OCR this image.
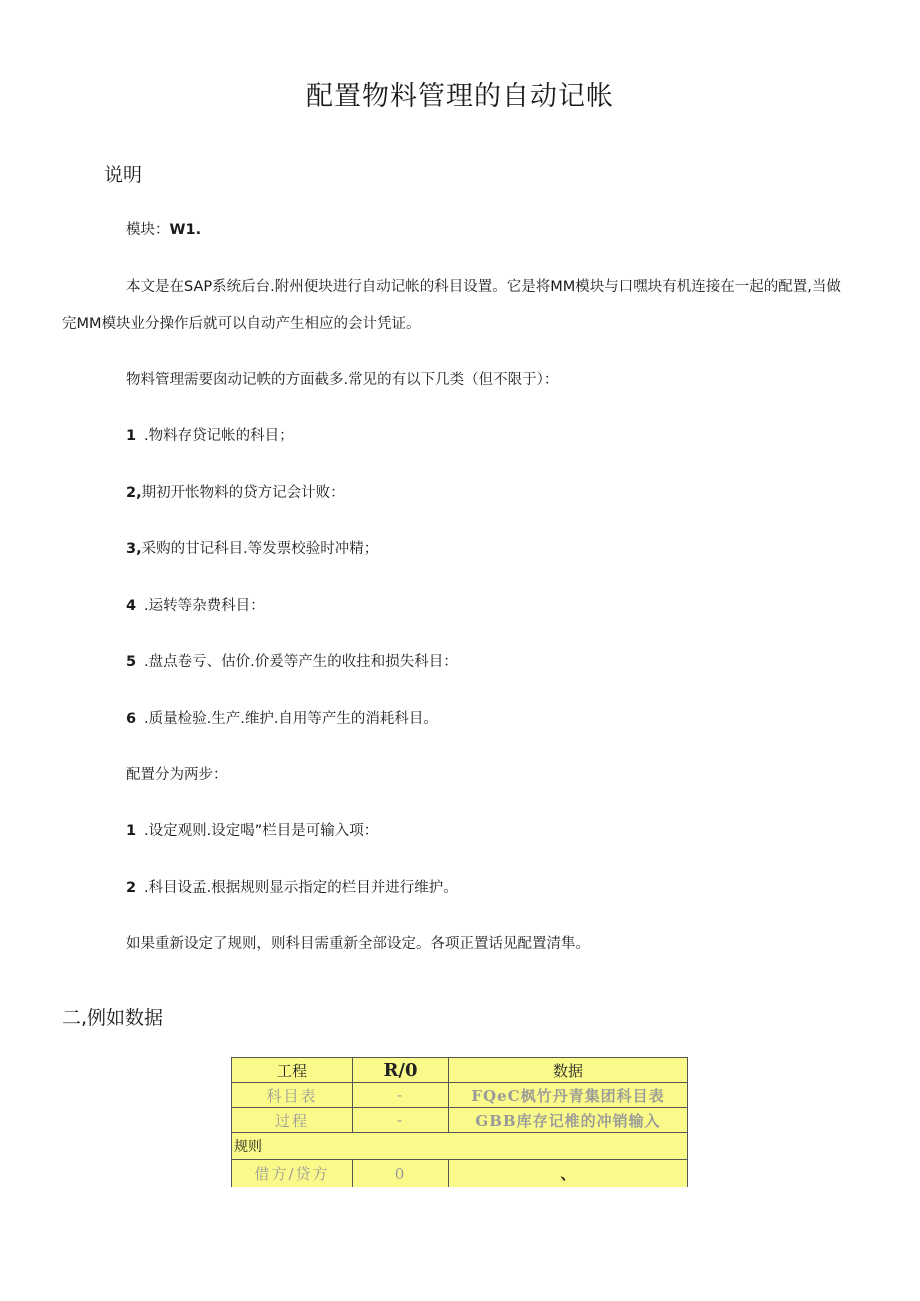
配置物料管理的自动记帐
说明
模块：W1.
本文是在SAP系统后台.附州便块进行自动记帐的科目设置。它是将MM模块与口嘿块有机连接在一起的配置,当做
完MM模块业分操作后就可以自动产生相应的会计凭证。
物料管理需要囱动记帙的方面截多.常见的有以下几类（但不限于）：
1 .物料存贷记帐的科目；
2,期初开怅物料的贷方记会计败：
3,采购的甘记科目.等发票校验时冲精；
4 .运转等杂费科目：
5 .盘点卷亏、估价.价爰等产生的收拄和损失科目：
6 .质量检验.生产.维护.自用等产生的消耗科目。
配置分为两步：
1 .设定观则.设定喝”栏目是可输入项：
2 .科目设孟.根据规则显示指定的栏目并进行维护。
如果重新设定了规则，则科目需重新全部设定。各项正置话见配置清隼。
二,例如数据
工程	R/0	数据
科目表	-	FQeC枫竹丹青集团科目表
过程	-	GBB库存记椎的冲销输入
规则		
借方/贷方	0	、
